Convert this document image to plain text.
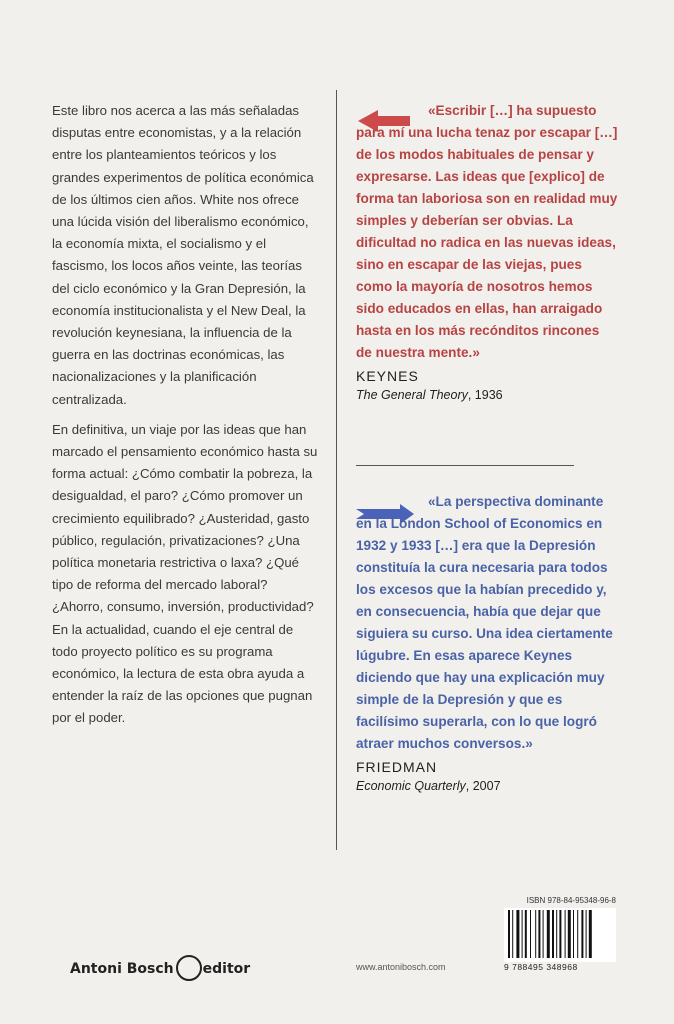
Este libro nos acerca a las más señaladas disputas entre economistas, y a la relación entre los planteamientos teóricos y los grandes experimentos de política económica de los últimos cien años. White nos ofrece una lúcida visión del liberalismo económico, la economía mixta, el socialismo y el fascismo, los locos años veinte, las teorías del ciclo económico y la Gran Depresión, la economía institucionalista y el New Deal, la revolución keynesiana, la influencia de la guerra en las doctrinas económicas, las nacionalizaciones y la planificación centralizada.

En definitiva, un viaje por las ideas que han marcado el pensamiento económico hasta su forma actual: ¿Cómo combatir la pobreza, la desigualdad, el paro? ¿Cómo promover un crecimiento equilibrado? ¿Austeridad, gasto público, regulación, privatizaciones? ¿Una política monetaria restrictiva o laxa? ¿Qué tipo de reforma del mercado laboral? ¿Ahorro, consumo, inversión, productividad? En la actualidad, cuando el eje central de todo proyecto político es su programa económico, la lectura de esta obra ayuda a entender la raíz de las opciones que pugnan por el poder.

«Escribir […] ha supuesto para mí una lucha tenaz por escapar […] de los modos habituales de pensar y expresarse. Las ideas que [explico] de forma tan laboriosa son en realidad muy simples y deberían ser obvias. La dificultad no radica en las nuevas ideas, sino en escapar de las viejas, pues como la mayoría de nosotros hemos sido educados en ellas, han arraigado hasta en los más recónditos rincones de nuestra mente.»

KEYNES
The General Theory, 1936

«La perspectiva dominante en la London School of Economics en 1932 y 1933 […] era que la Depresión constituía la cura necesaria para todos los excesos que la habían precedido y, en consecuencia, había que dejar que siguiera su curso. Una idea ciertamente lúgubre. En esas aparece Keynes diciendo que hay una explicación muy simple de la Depresión y que es facilísimo superarla, con lo que logró atraer muchos conversos.»

FRIEDMAN
Economic Quarterly, 2007
Antoni Bosch editor	www.antonibosch.com
ISBN 978-84-95348-96-8
9 788495 348968
